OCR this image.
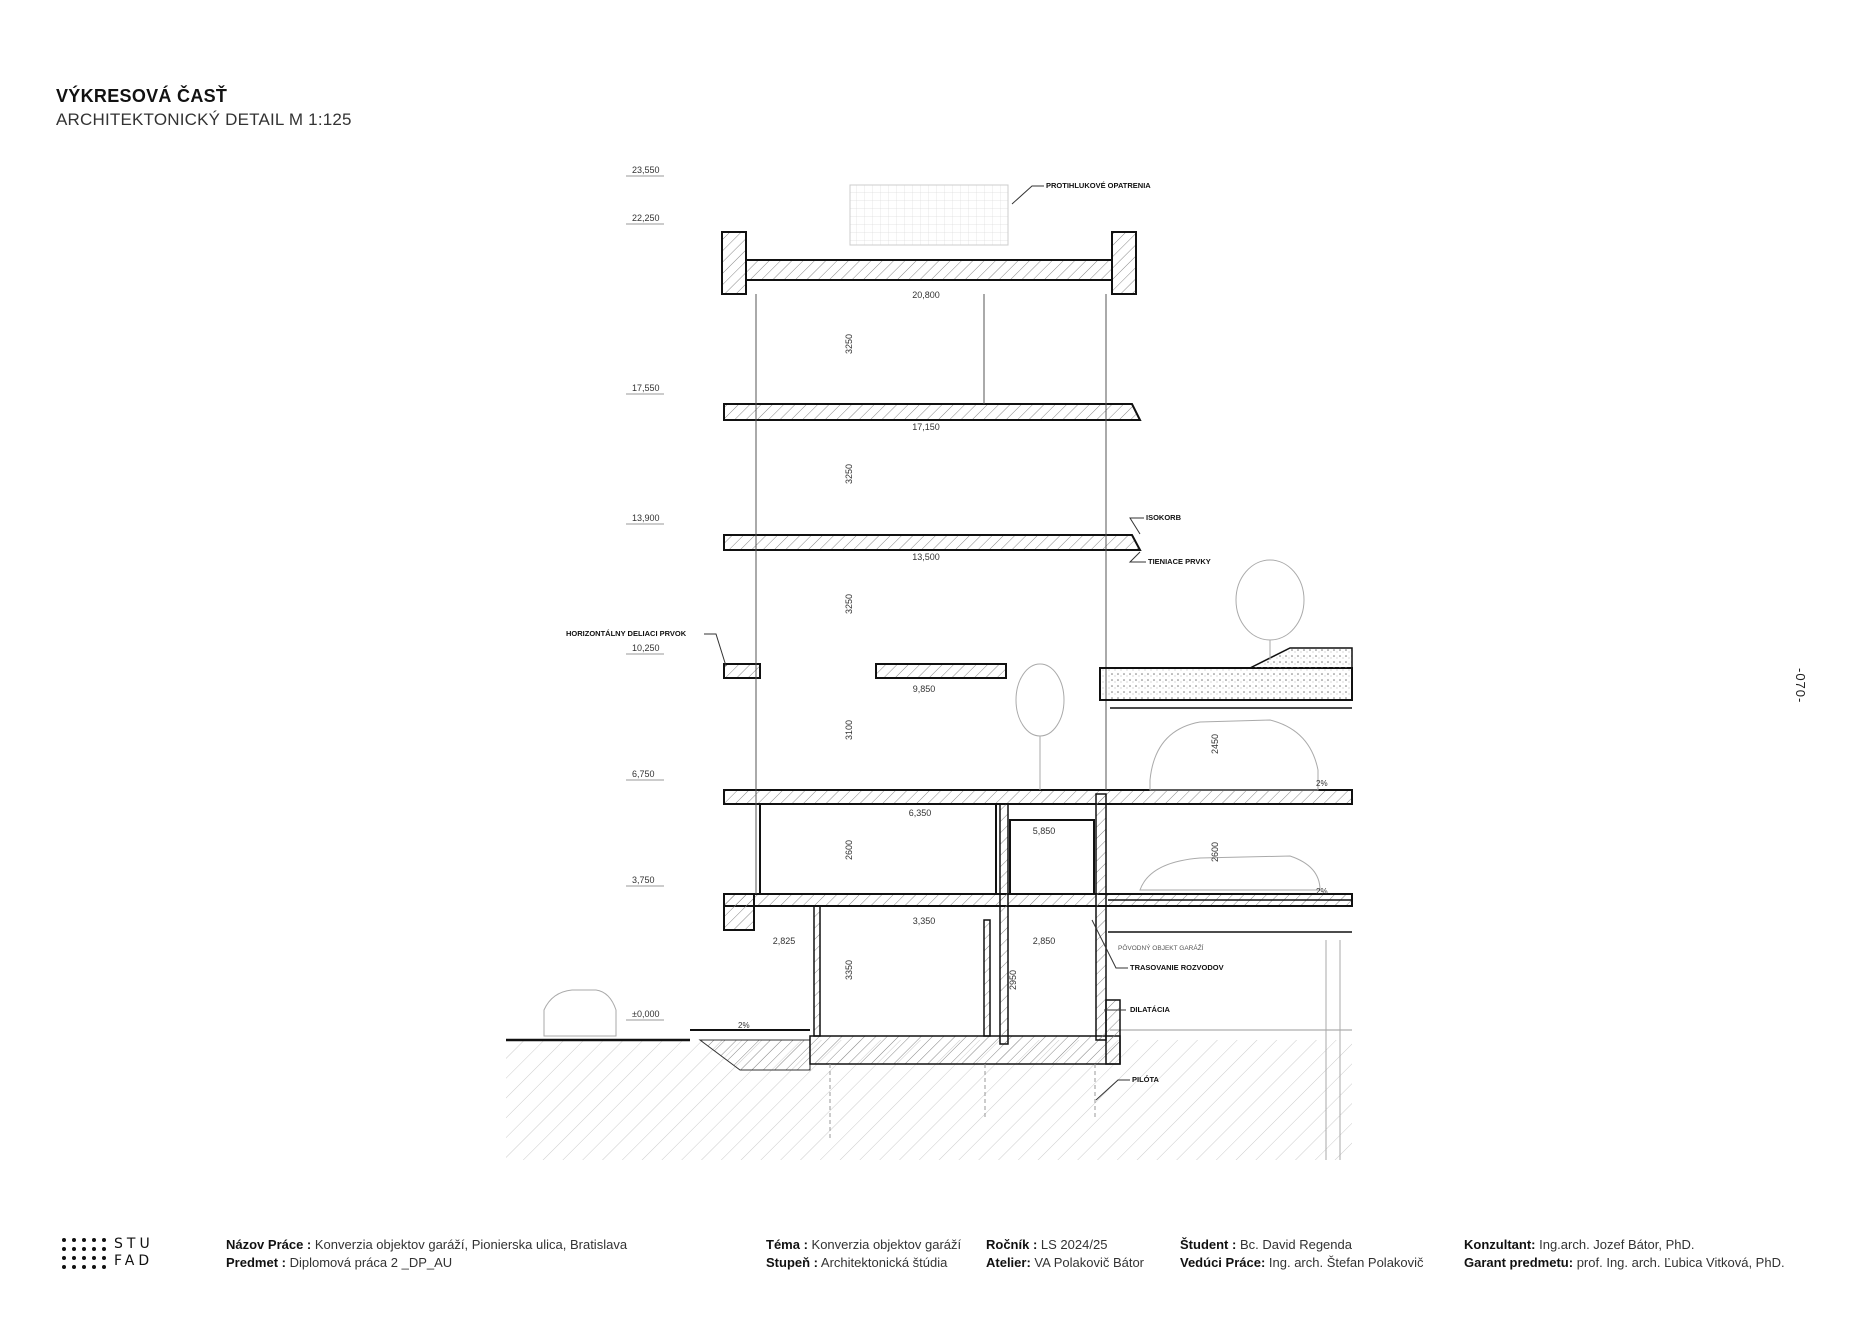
VÝKRESOVÁ ČASŤ
ARCHITEKTONICKÝ DETAIL M 1:125
-070-
23,550
22,250
17,550
13,900
10,250
6,750
3,750
±0,000
20,800
17,150
13,500
9,850
6,350
5,850
3,350
2,825	2,850
3250
3250
3250
3100
2600
3350	2950
2450
2600
2%
2%
2%
PROTIHLUKOVÉ OPATRENIA
ISOKORB
TIENIACE PRVKY
HORIZONTÁLNY DELIACI PRVOK
PÔVODNÝ OBJEKT GARÁŽÍ
TRASOVANIE ROZVODOV
DILATÁCIA
PILÓTA
STU
FAD
Názov Práce : Konverzia objektov garáží, Pionierska ulica, Bratislava
Predmet : Diplomová práca 2 _DP_AU
Téma : Konverzia objektov garáží
Stupeň : Architektonická štúdia
Ročník : LS 2024/25
Atelier: VA Polakovič Bátor
Študent : Bc. David Regenda
Vedúci Práce: Ing. arch. Štefan Polakovič
Konzultant: Ing.arch. Jozef Bátor, PhD.
Garant predmetu: prof. Ing. arch. Ľubica Vitková, PhD.
